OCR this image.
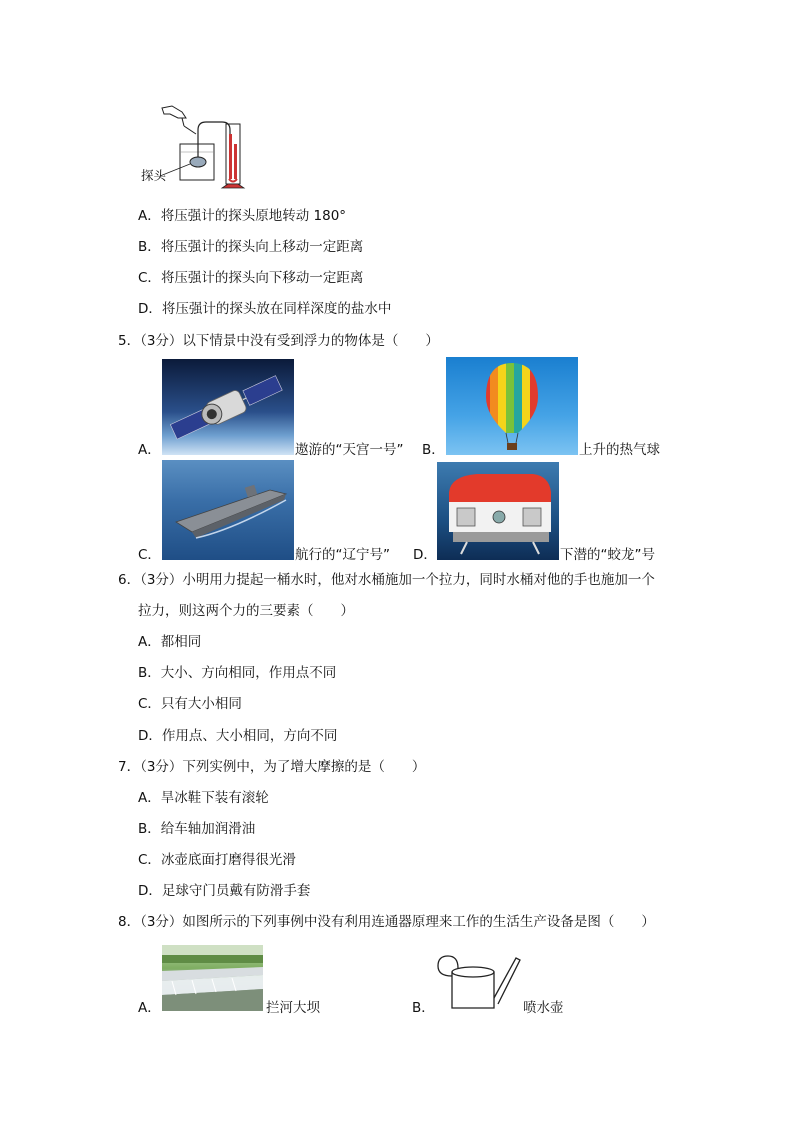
探头
A．将压强计的探头原地转动 180°
B．将压强计的探头向上移动一定距离
C．将压强计的探头向下移动一定距离
D．将压强计的探头放在同样深度的盐水中
5．（3分）以下情景中没有受到浮力的物体是（　　）
A．	遨游的“天宫一号” B．	上升的热气球
C．	航行的“辽宁号” D．	下潜的“蛟龙”号
6．（3分）小明用力提起一桶水时，他对水桶施加一个拉力，同时水桶对他的手也施加一个
拉力，则这两个力的三要素（　　）
A．都相同
B．大小、方向相同，作用点不同
C．只有大小相同
D．作用点、大小相同，方向不同
7．（3分）下列实例中，为了增大摩擦的是（　　）
A．旱冰鞋下装有滚轮
B．给车轴加润滑油
C．冰壶底面打磨得很光滑
D．足球守门员戴有防滑手套
8．（3分）如图所示的下列事例中没有利用连通器原理来工作的生活生产设备是图（　　）
A．	拦河大坝	B．	喷水壶
